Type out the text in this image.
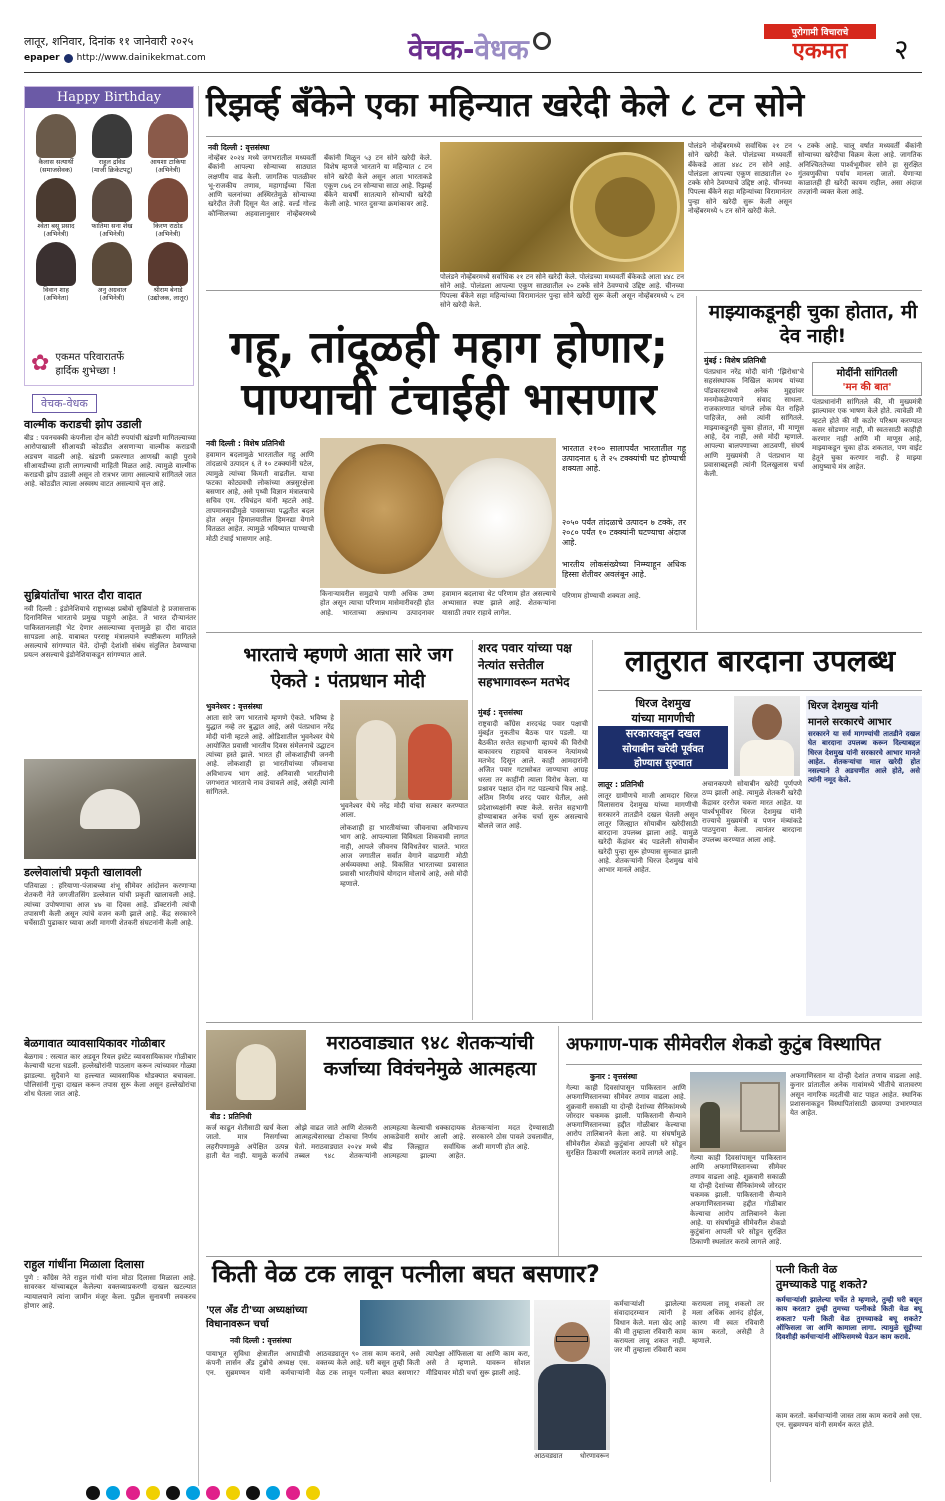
लातूर, शनिवार, दिनांक ११ जानेवारी २०२५
epaper http://www.dainikekmat.com	वेचक-वेधक	पुरोगामी विचाराचे
एकमत	२
Happy Birthday
कैलास सत्यार्थी
(समाजसेवक)
राहुल द्रविड
(माजी क्रिकेटपटू)
आयशा टाकिया
(अभिनेत्री)
श्वेता बसू प्रसाद
(अभिनेत्री)
फातिमा सना शेख
(अभिनेत्री)
किरण राठोड
(अभिनेत्री)
विवान शाह
(अभिनेता)
अनु अग्रवाल
(अभिनेत्री)
श्रीराम बेनाडे
(उद्योजक, लातूर)
✿ एकमत परिवारातर्फे
हार्दिक शुभेच्छा !
वेचक-वेधक
वाल्मीक कराडची झोप उडाली
बीड : पवनचक्की कंपनीला दोन कोटी रुपयांची खंडणी मागितल्याच्या आरोपाखाली सीआयडी कोठडीत असणाऱ्या वाल्मीक कराडची अडचण वाढली आहे. खंडणी प्रकरणात आणखी काही पुरावे सीआयडीच्या हाती लागल्याची माहिती मिळत आहे. त्यामुळे वाल्मीक कराडची झोप उडाली असून तो रात्रभर जागा असल्याचे सांगितले जात आहे. कोठडीत त्याला अस्वस्थ वाटत असल्याचे वृत्त आहे.
सुब्रियांतोंचा भारत दौरा वादात
नवी दिल्ली : इंडोनेशियाचे राष्ट्राध्यक्ष प्रबोवो सुब्रियांतो हे प्रजासत्ताक दिनानिमित्त भारताचे प्रमुख पाहुणे आहेत. ते भारत दौऱ्यानंतर पाकिस्तानलाही भेट देणार असल्याच्या वृत्तामुळे हा दौरा वादात सापडला आहे. याबाबत परराष्ट्र मंत्रालयाने स्पष्टीकरण मागितले असल्याचे सांगण्यात येते. दोन्ही देशांशी संबंध संतुलित ठेवण्याचा प्रयत्न असल्याचे इंडोनेशियाकडून सांगण्यात आले.
डल्लेवालांची प्रकृती खालावली
पतियाळा : हरियाणा-पंजाबच्या शंभू सीमेवर आंदोलन करणाऱ्या शेतकरी नेते जगजीतसिंग डल्लेवाल यांची प्रकृती खालावली आहे. त्यांच्या उपोषणाचा आज ४७ वा दिवस आहे. डॉक्टरांनी त्यांची तपासणी केली असून त्यांचे वजन कमी झाले आहे. केंद्र सरकारने चर्चेसाठी पुढाकार घ्यावा अशी मागणी शेतकरी संघटनांनी केली आहे.
बेळगावात व्यावसायिकावर गोळीबार
बेळगाव : रस्त्यात कार अडवून रियल इस्टेट व्यावसायिकावर गोळीबार केल्याची घटना घडली. हल्लेखोरांनी पाठलाग करून त्यांच्यावर गोळ्या झाडल्या. सुदैवाने या हल्ल्यात व्यावसायिक थोडक्यात बचावला. पोलिसांनी गुन्हा दाखल करून तपास सुरू केला असून हल्लेखोरांचा शोध घेतला जात आहे.
राहुल गांधींना मिळाला दिलासा
पुणे : काँग्रेस नेते राहुल गांधी यांना मोठा दिलासा मिळाला आहे. सावरकर यांच्याबद्दल केलेल्या वक्तव्याप्रकरणी दाखल खटल्यात न्यायालयाने त्यांना जामीन मंजूर केला. पुढील सुनावणी लवकरच होणार आहे.
रिझर्व्ह बँकेने एका महिन्यात खरेदी केले ८ टन सोने
नवी दिल्ली : वृत्तसंस्था
नोव्हेंबर २०२४ मध्ये जगभरातील मध्यवर्ती बँकांनी आपल्या सोन्याच्या साठ्यात लक्षणीय वाढ केली. जागतिक पातळीवर भू-राजकीय तणाव, महागाईच्या चिंता आणि चलनांच्या अस्थिरतेमुळे सोन्याच्या खरेदीत तेजी दिसून येत आहे. वर्ल्ड गोल्ड कौन्सिलच्या अहवालानुसार नोव्हेंबरमध्ये बँकांनी मिळून ५३ टन सोने खरेदी केले. विशेष म्हणजे भारताने या महिन्यात ८ टन सोने खरेदी केले असून आता भारताकडे एकूण ८७६ टन सोन्याचा साठा आहे. रिझर्व्ह बँकेने यावर्षी सातत्याने सोन्याची खरेदी केली आहे. भारत दुसऱ्या क्रमांकावर आहे.
पोलंडने नोव्हेंबरमध्ये सर्वाधिक २१ टन सोने खरेदी केले. पोलंडच्या मध्यवर्ती बँकेकडे आता ४४८ टन सोने आहे. पोलंडला आपल्या एकूण साठ्यातील २० टक्के सोने ठेवण्याचे उद्दिष्ट आहे. चीनच्या पिपल्स बँकेने सहा महिन्यांच्या विरामानंतर पुन्हा सोने खरेदी सुरू केली असून नोव्हेंबरमध्ये ५ टन सोने खरेदी केले.
पोलंडने नोव्हेंबरमध्ये सर्वाधिक २१ टन सोने खरेदी केले. पोलंडच्या मध्यवर्ती बँकेकडे आता ४४८ टन सोने आहे. पोलंडला आपल्या एकूण साठ्यातील २० टक्के सोने ठेवण्याचे उद्दिष्ट आहे. चीनच्या पिपल्स बँकेने सहा महिन्यांच्या विरामानंतर पुन्हा सोने खरेदी सुरू केली असून नोव्हेंबरमध्ये ५ टन सोने खरेदी केले.
५ टक्के आहे. चालू वर्षात मध्यवर्ती बँकांनी सोन्याच्या खरेदीचा विक्रम केला आहे. जागतिक अनिश्चिततेच्या पार्श्वभूमीवर सोने हा सुरक्षित गुंतवणुकीचा पर्याय मानला जातो. येणाऱ्या काळातही ही खरेदी कायम राहील, असा अंदाज तज्ज्ञांनी व्यक्त केला आहे.
गहू, तांदूळही महाग होणार;
पाण्याची टंचाईही भासणार
नवी दिल्ली : विशेष प्रतिनिधी
हवामान बदलामुळे भारतातील गहू आणि तांदळाचे उत्पादन ६ ते १० टक्क्यांनी घटेल, त्यामुळे त्यांच्या किमती वाढतील. याचा फटका कोट्यवधी लोकांच्या अन्नसुरक्षेला बसणार आहे, असे पृथ्वी विज्ञान मंत्रालयाचे सचिव एम. रविचंद्रन यांनी म्हटले आहे. तापमानवाढीमुळे पावसाच्या पद्धतीत बदल होत असून हिमालयातील हिमनद्या वेगाने वितळत आहेत. त्यामुळे भविष्यात पाण्याची मोठी टंचाई भासणार आहे.
किनाऱ्यावरील समुद्राचे पाणी अधिक उष्ण होत असून त्याचा परिणाम मासेमारीवरही होत आहे. भारताच्या अन्नधान्य उत्पादनावर हवामान बदलाचा थेट परिणाम होत असल्याचे अभ्यासात स्पष्ट झाले आहे. शेतकऱ्यांना यासाठी तयार राहावे लागेल.
भारतात २१०० सालापर्यंत भारतातील गहू उत्पादनात ६ ते २५ टक्क्यांची घट होण्याची शक्यता आहे.
२०५० पर्यंत तांदळाचे उत्पादन ७ टक्के, तर २०८० पर्यंत १० टक्क्यांनी घटण्याचा अंदाज आहे.
भारतीय लोकसंख्येच्या निम्म्याहून अधिक हिस्सा शेतीवर अवलंबून आहे.
परिणाम होण्याची शक्यता आहे.
माझ्याकडूनही चुका होतात, मी देव नाही!
मुंबई : विशेष प्रतिनिधी
पंतप्रधान नरेंद्र मोदी यांनी 'झिरोधा'चे सहसंस्थापक निखिल कामथ यांच्या पॉडकास्टमध्ये अनेक मुद्द्यांवर मनमोकळेपणाने संवाद साधला. राजकारणात चांगले लोक येत राहिले पाहिजेत, असे त्यांनी सांगितले. माझ्याकडूनही चुका होतात, मी माणूस आहे, देव नाही, असे मोदी म्हणाले. आपल्या बालपणाच्या आठवणी, संघर्ष आणि मुख्यमंत्री ते पंतप्रधान या प्रवासाबद्दलही त्यांनी दिलखुलास चर्चा केली.
मोदींनी सांगितली
'मन की बात'
पंतप्रधानांनी सांगितले की, मी मुख्यमंत्री झाल्यावर एक भाषण केले होते. त्यावेळी मी म्हटले होते की मी कठोर परिश्रम करण्यात कसर सोडणार नाही, मी स्वतःसाठी काहीही करणार नाही आणि मी माणूस आहे, माझ्याकडून चुका होऊ शकतात, पण वाईट हेतूने चुका करणार नाही. हे माझ्या आयुष्याचे मंत्र आहेत.
भारताचे म्हणणे आता सारे जग ऐकते : पंतप्रधान मोदी
भुवनेश्वर : वृत्तसंस्था
आता सारे जग भारताचे म्हणणे ऐकते. भविष्य हे युद्धात नव्हे तर बुद्धात आहे, असे पंतप्रधान नरेंद्र मोदी यांनी म्हटले आहे. ओडिशातील भुवनेश्वर येथे आयोजित प्रवासी भारतीय दिवस संमेलनाचे उद्घाटन त्यांच्या हस्ते झाले. भारत ही लोकशाहीची जननी आहे. लोकशाही हा भारतीयांच्या जीवनाचा अविभाज्य भाग आहे. अनिवासी भारतीयांनी जगभरात भारताचे नाव उंचावले आहे, असेही त्यांनी सांगितले.
भुवनेश्वर येथे नरेंद्र मोदी यांचा सत्कार करण्यात आला.
लोकशाही हा भारतीयांच्या जीवनाचा अविभाज्य भाग आहे. आपल्याला विविधता शिकवावी लागत नाही, आपले जीवनच विविधतेवर चालते. भारत आज जगातील सर्वात वेगाने वाढणारी मोठी अर्थव्यवस्था आहे. विकसित भारताच्या प्रवासात प्रवासी भारतीयांचे योगदान मोलाचे आहे, असे मोदी म्हणाले.
शरद पवार यांच्या पक्ष नेत्यांत सत्तेतील सहभागावरून मतभेद
मुंबई : वृत्तसंस्था
राष्ट्रवादी काँग्रेस शरदचंद्र पवार पक्षाची मुंबईत नुकतीच बैठक पार पडली. या बैठकीत सत्तेत सहभागी व्हायचे की विरोधी बाकावरच राहायचे यावरून नेत्यांमध्ये मतभेद दिसून आले. काही आमदारांनी अजित पवार गटासोबत जाण्याचा आग्रह धरला तर काहींनी त्याला विरोध केला. या प्रश्नावर पक्षात दोन गट पडल्याचे चित्र आहे. अंतिम निर्णय शरद पवार घेतील, असे प्रदेशाध्यक्षांनी स्पष्ट केले. सत्तेत सहभागी होण्याबाबत अनेक चर्चा सुरू असल्याचे बोलले जात आहे.
लातुरात बारदाना उपलब्ध
धिरज देशमुख
यांच्या मागणीची
सरकारकडून दखल
सोयाबीन खरेदी पूर्ववत
होण्यास सुरुवात
लातूर : प्रतिनिधी
लातूर ग्रामीणचे माजी आमदार धिरज विलासराव देशमुख यांच्या मागणीची सरकारने तातडीने दखल घेतली असून लातूर जिल्ह्यात सोयाबीन खरेदीसाठी बारदाना उपलब्ध झाला आहे. यामुळे खरेदी केंद्रांवर बंद पडलेली सोयाबीन खरेदी पुन्हा सुरू होण्यास सुरुवात झाली आहे. शेतकऱ्यांनी धिरज देशमुख यांचे आभार मानले आहेत.
अचानकपणे सोयाबीन खरेदी पूर्णपणे ठप्प झाली आहे. त्यामुळे शेतकरी खरेदी केंद्रावर दररोज चकरा मारत आहेत. या पार्श्वभूमीवर धिरज देशमुख यांनी राज्याचे मुख्यमंत्री व पणन मंत्र्यांकडे पाठपुरावा केला. त्यानंतर बारदाना उपलब्ध करण्यात आला आहे.
धिरज देशमुख यांनी
मानले सरकारचे आभार
सरकारने या सर्व मागण्यांची तातडीने दखल घेत बारदाना उपलब्ध करून दिल्याबद्दल धिरज देशमुख यांनी सरकारचे आभार मानले आहेत. शेतकऱ्यांचा माल खरेदी होत नसल्याने ते अडचणीत आले होते, असे त्यांनी नमूद केले.
मराठवाड्यात ९४८ शेतकऱ्यांची
कर्जाच्या विवंचनेमुळे आत्महत्या
बीड : प्रतिनिधी
कर्ज काढून शेतीसाठी खर्च केला जातो. मात्र निसर्गाच्या लहरीपणामुळे अपेक्षित उत्पन्न हाती येत नाही. यामुळे कर्जाचे ओझे वाढत जाते आणि शेतकरी आत्महत्येसारखा टोकाचा निर्णय घेतो. मराठवाड्यात २०२४ मध्ये तब्बल ९४८ शेतकऱ्यांनी आत्महत्या केल्याची धक्कादायक आकडेवारी समोर आली आहे. बीड जिल्ह्यात सर्वाधिक आत्महत्या झाल्या आहेत. शेतकऱ्यांना मदत देण्यासाठी सरकारने ठोस पावले उचलावीत, अशी मागणी होत आहे.
अफगाण-पाक सीमेवरील शेकडो कुटुंब विस्थापित
कुनार : वृत्तसंस्था
गेल्या काही दिवसांपासून पाकिस्तान आणि अफगाणिस्तानच्या सीमेवर तणाव वाढला आहे. शुक्रवारी सकाळी या दोन्ही देशांच्या सैनिकांमध्ये जोरदार चकमक झाली. पाकिस्तानी सैन्याने अफगाणिस्तानच्या हद्दीत गोळीबार केल्याचा आरोप तालिबानने केला आहे. या संघर्षामुळे सीमेवरील शेकडो कुटुंबांना आपली घरे सोडून सुरक्षित ठिकाणी स्थलांतर करावे लागले आहे.
गेल्या काही दिवसांपासून पाकिस्तान आणि अफगाणिस्तानच्या सीमेवर तणाव वाढला आहे. शुक्रवारी सकाळी या दोन्ही देशांच्या सैनिकांमध्ये जोरदार चकमक झाली. पाकिस्तानी सैन्याने अफगाणिस्तानच्या हद्दीत गोळीबार केल्याचा आरोप तालिबानने केला आहे. या संघर्षामुळे सीमेवरील शेकडो कुटुंबांना आपली घरे सोडून सुरक्षित ठिकाणी स्थलांतर करावे लागले आहे.
अफगाणिस्तान या दोन्ही देशांत तणाव वाढला आहे. कुनार प्रांतातील अनेक गावांमध्ये भीतीचे वातावरण असून नागरिक मदतीची वाट पाहत आहेत. स्थानिक प्रशासनाकडून विस्थापितांसाठी छावण्या उभारण्यात येत आहेत.
किती वेळ टक लावून पत्नीला बघत बसणार?
'एल अँड टी'च्या अध्यक्षांच्या
विधानावरून चर्चा
नवी दिल्ली : वृत्तसंस्था
पायाभूत सुविधा क्षेत्रातील आघाडीची कंपनी लार्सन अँड टुब्रोचे अध्यक्ष एस. एन. सुब्रमण्यन यांनी कर्मचाऱ्यांनी आठवड्यातून ९० तास काम करावे, असे वक्तव्य केले आहे. घरी बसून तुम्ही किती वेळ टक लावून पत्नीला बघत बसणार? त्यापेक्षा ऑफिसला या आणि काम करा, असे ते म्हणाले. यावरून सोशल मीडियावर मोठी चर्चा सुरू झाली आहे.
आठवड्यात	धोरणावरून
कर्मचाऱ्यांशी झालेल्या संवादादरम्यान त्यांनी हे विधान केले. मला खेद आहे की मी तुम्हाला रविवारी काम करायला लावू शकत नाही. जर मी तुम्हाला रविवारी काम करायला लावू शकलो तर मला अधिक आनंद होईल, कारण मी स्वतः रविवारी काम करतो, असेही ते म्हणाले.
पत्नी किती वेळ
तुमच्याकडे पाहू शकते?
कर्मचाऱ्यांशी झालेल्या चर्चेत ते म्हणाले, तुम्ही घरी बसून काय करता? तुम्ही तुमच्या पत्नीकडे किती वेळ बघू शकता? पत्नी किती वेळ तुमच्याकडे बघू शकते? ऑफिसला जा आणि कामाला लागा. त्यामुळे सुट्टीच्या दिवशीही कर्मचाऱ्यांनी ऑफिसमध्ये येऊन काम करावे.
काम करतो. कर्मचाऱ्यांनी जास्त तास काम करावे असे एस. एन. सुब्रमण्यन यांनी समर्थन करत होते.
